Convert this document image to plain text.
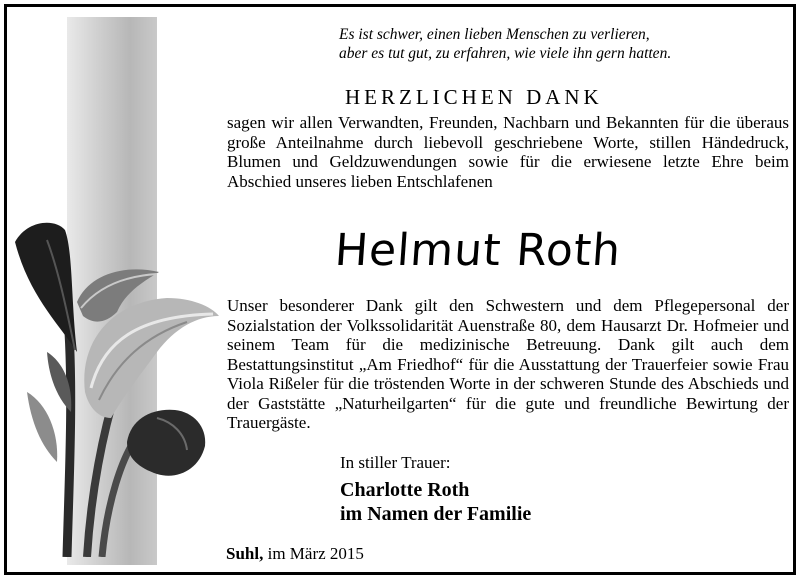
Es ist schwer, einen lieben Menschen zu verlieren,
aber es tut gut, zu erfahren, wie viele ihn gern hatten.
HERZLICHEN DANK
sagen wir allen Verwandten, Freunden, Nachbarn und Bekannten für die überaus große Anteilnahme durch liebevoll geschriebene Worte, stillen Händedruck, Blumen und Geldzuwendungen sowie für die erwiesene letzte Ehre beim Abschied unseres lieben Entschlafenen
Helmut Roth
Unser besonderer Dank gilt den Schwestern und dem Pflegepersonal der Sozialstation der Volkssolidarität Auenstraße 80, dem Hausarzt Dr. Hofmeier und seinem Team für die medizinische Betreuung. Dank gilt auch dem Bestattungsinstitut „Am Friedhof“ für die Ausstattung der Trauerfeier sowie Frau Viola Rißeler für die tröstenden Worte in der schweren Stunde des Abschieds und der Gaststätte „Naturheilgarten“ für die gute und freundliche Bewirtung der Trauergäste.
In stiller Trauer:
Charlotte Roth
im Namen der Familie
Suhl, im März 2015
